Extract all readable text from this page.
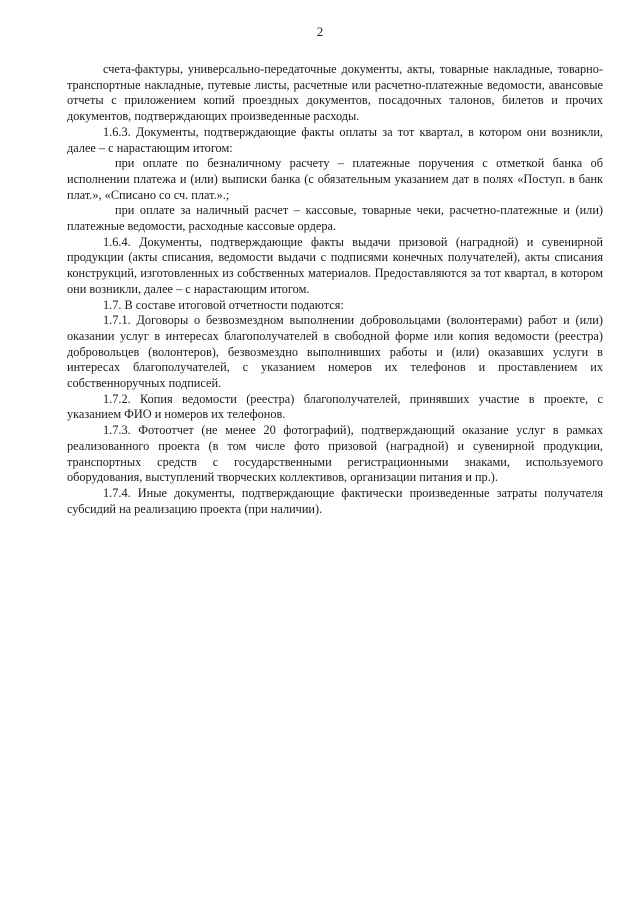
2

счета-фактуры, универсально-передаточные документы, акты, товарные накладные, товарно-транспортные накладные, путевые листы, расчетные или расчетно-платежные ведомости, авансовые отчеты с приложением копий проездных документов, посадочных талонов, билетов и прочих документов, подтверждающих произведенные расходы.

1.6.3. Документы, подтверждающие факты оплаты за тот квартал, в котором они возникли, далее – с нарастающим итогом:

при оплате по безналичному расчету – платежные поручения с отметкой банка об исполнении платежа и (или) выписки банка (с обязательным указанием дат в полях «Поступ. в банк плат.», «Списано со сч. плат.».;

при оплате за наличный расчет – кассовые, товарные чеки, расчетно-платежные и (или) платежные ведомости, расходные кассовые ордера.

1.6.4. Документы, подтверждающие факты выдачи призовой (наградной) и сувенирной продукции (акты списания, ведомости выдачи с подписями конечных получателей), акты списания конструкций, изготовленных из собственных материалов. Предоставляются за тот квартал, в котором они возникли, далее – с нарастающим итогом.

1.7. В составе итоговой отчетности подаются:

1.7.1. Договоры о безвозмездном выполнении добровольцами (волонтерами) работ и (или) оказании услуг в интересах благополучателей в свободной форме или копия ведомости (реестра) добровольцев (волонтеров), безвозмездно выполнивших работы и (или) оказавших услуги в интересах благополучателей, с указанием номеров их телефонов и проставлением их собственноручных подписей.

1.7.2. Копия ведомости (реестра) благополучателей, принявших участие в проекте, с указанием ФИО и номеров их телефонов.

1.7.3. Фотоотчет (не менее 20 фотографий), подтверждающий оказание услуг в рамках реализованного проекта (в том числе фото призовой (наградной) и сувенирной продукции, транспортных средств с государственными регистрационными знаками, используемого оборудования, выступлений творческих коллективов, организации питания и пр.).

1.7.4. Иные документы, подтверждающие фактически произведенные затраты получателя субсидий на реализацию проекта (при наличии).
